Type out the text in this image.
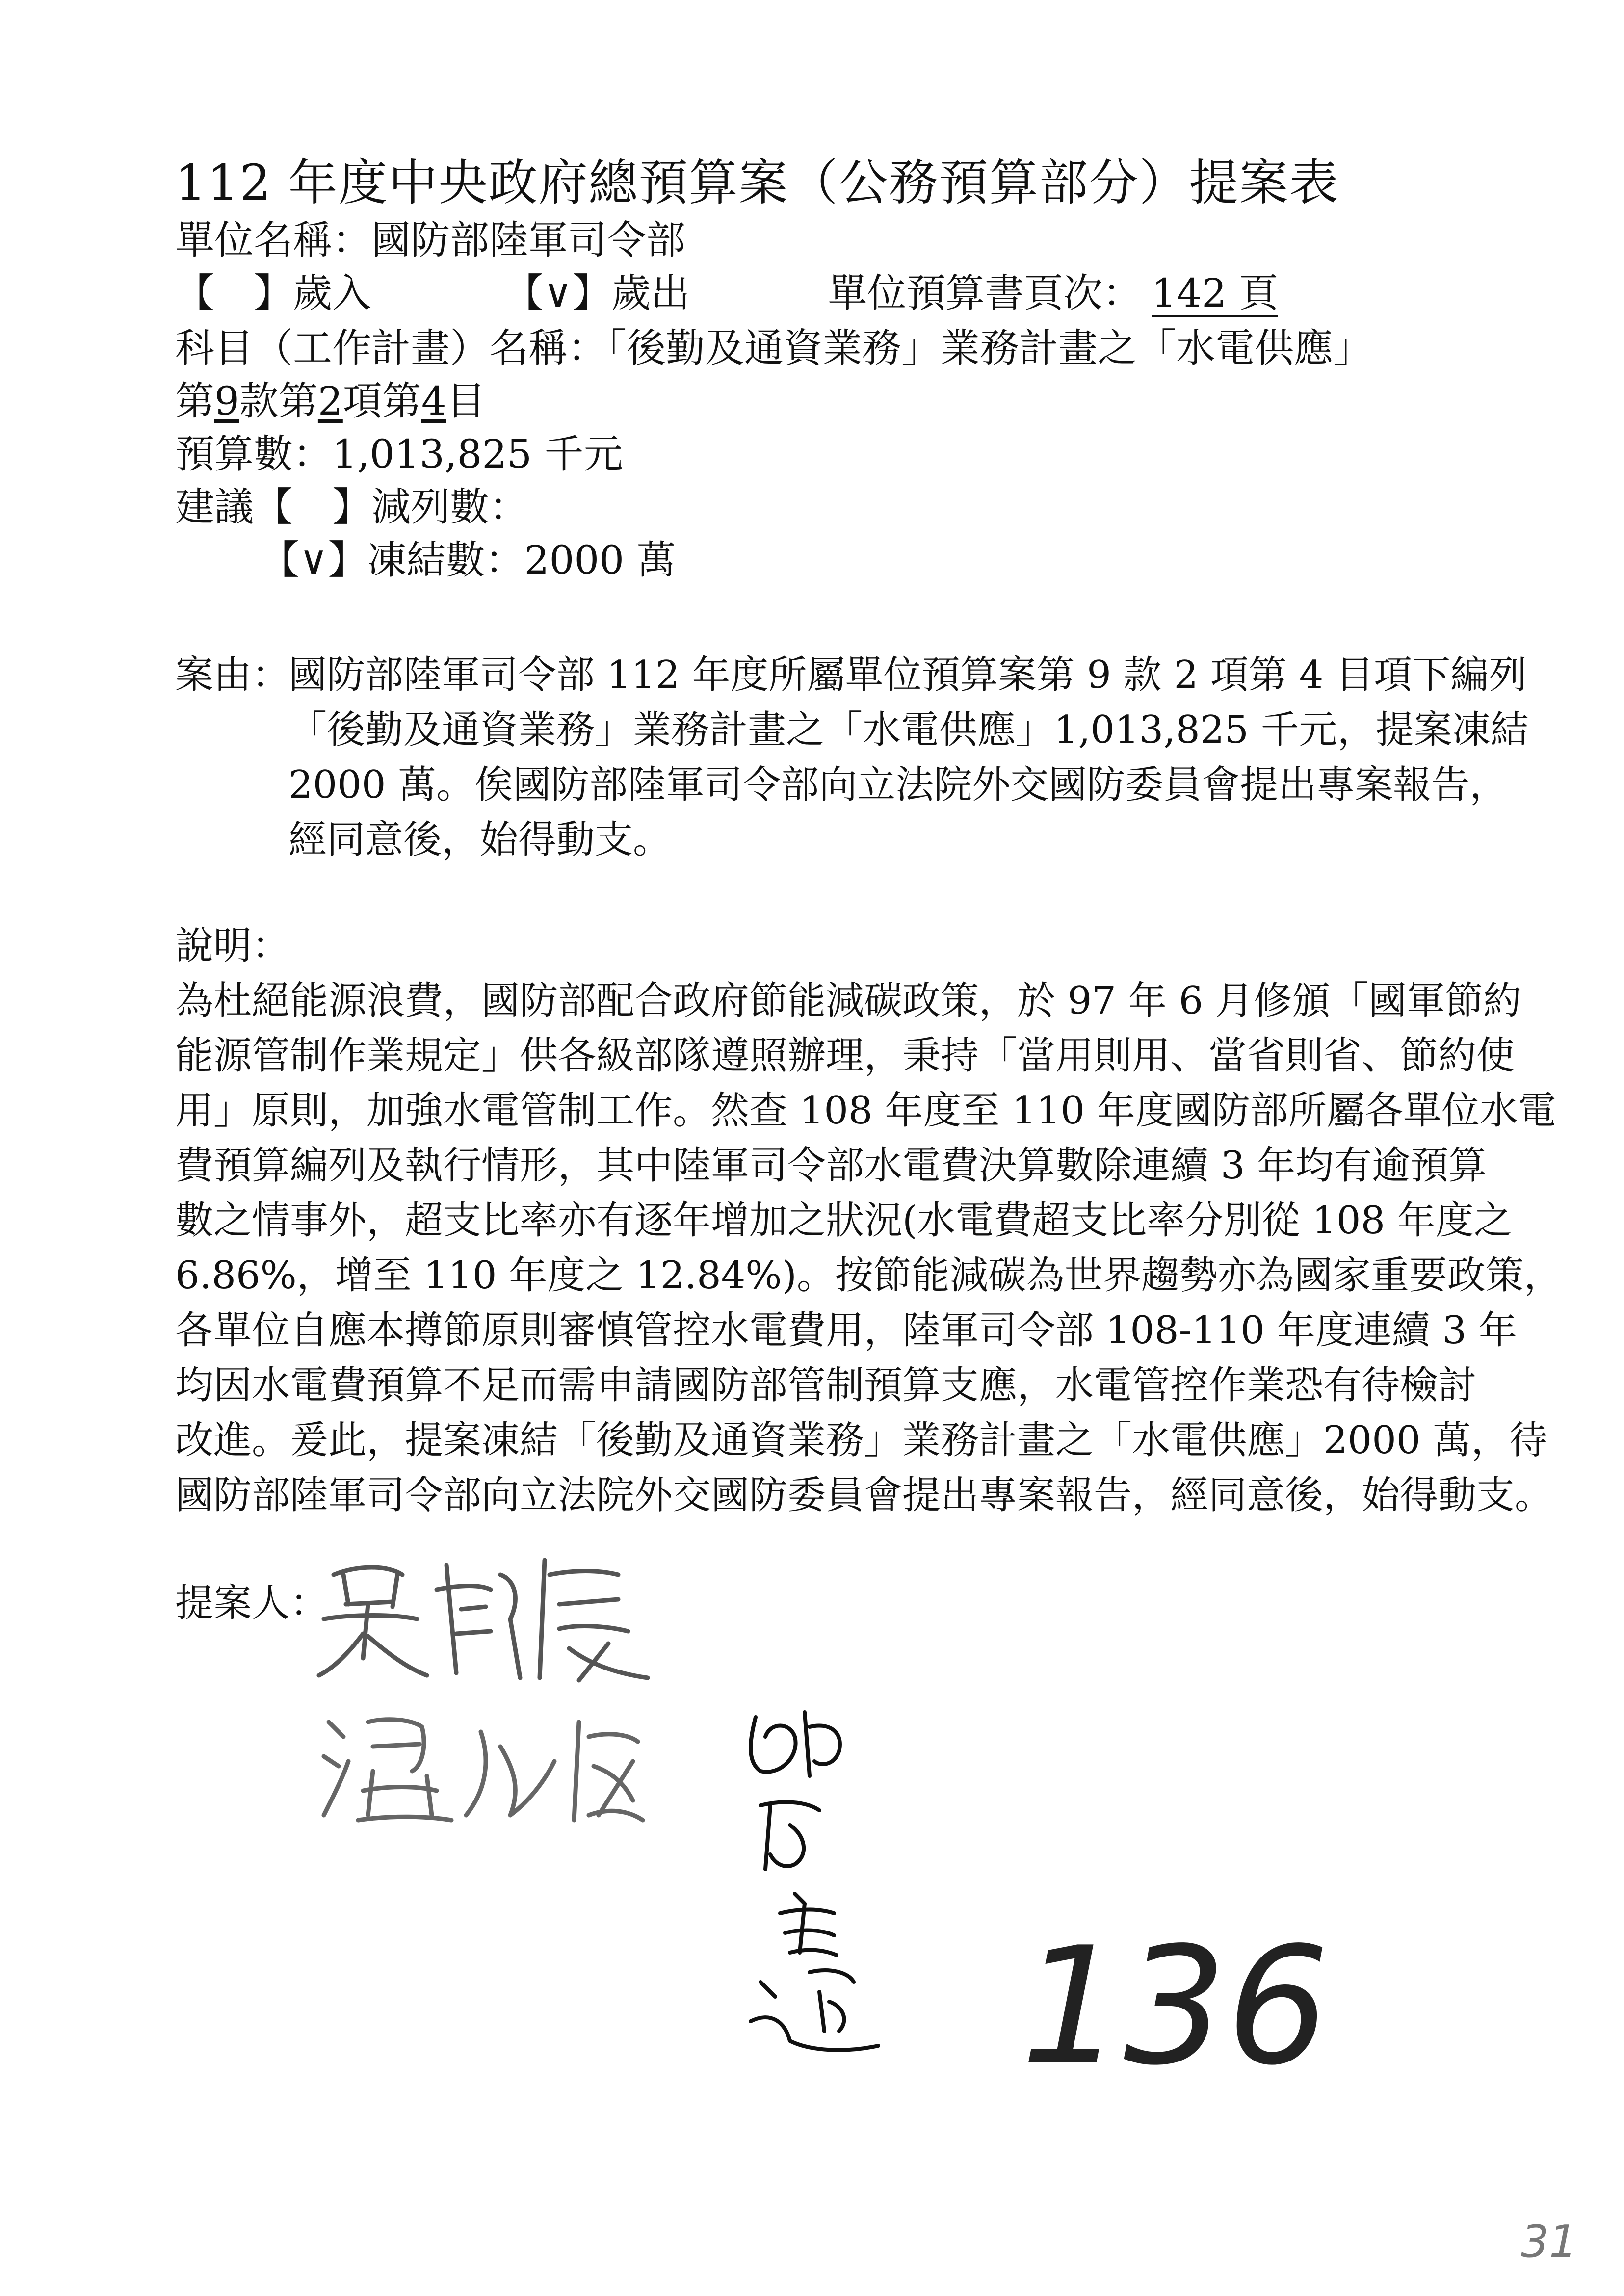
112 年度中央政府總預算案（公務預算部分）提案表
單位名稱：國防部陸軍司令部
【　】歲入	【∨】歲出	單位預算書頁次： 142 頁
科目（工作計畫）名稱：「後勤及通資業務」業務計畫之「水電供應」
第9款第2項第4目
預算數：1,013,825 千元
建議【　】減列數：
【∨】凍結數：2000 萬
案由：
國防部陸軍司令部 112 年度所屬單位預算案第 9 款 2 項第 4 目項下編列
「後勤及通資業務」業務計畫之「水電供應」1,013,825 千元，提案凍結
2000 萬。俟國防部陸軍司令部向立法院外交國防委員會提出專案報告，
經同意後，始得動支。
說明：
為杜絕能源浪費，國防部配合政府節能減碳政策，於 97 年 6 月修頒「國軍節約
能源管制作業規定」供各級部隊遵照辦理，秉持「當用則用、當省則省、節約使
用」原則，加強水電管制工作。然查 108 年度至 110 年度國防部所屬各單位水電
費預算編列及執行情形，其中陸軍司令部水電費決算數除連續 3 年均有逾預算
數之情事外，超支比率亦有逐年增加之狀況(水電費超支比率分別從 108 年度之
6.86%，增至 110 年度之 12.84%)。按節能減碳為世界趨勢亦為國家重要政策，
各單位自應本撙節原則審慎管控水電費用，陸軍司令部 108-110 年度連續 3 年
均因水電費預算不足而需申請國防部管制預算支應，水電管控作業恐有待檢討
改進。爰此，提案凍結「後勤及通資業務」業務計畫之「水電供應」2000 萬，待
國防部陸軍司令部向立法院外交國防委員會提出專案報告，經同意後，始得動支。
提案人：
136
31
